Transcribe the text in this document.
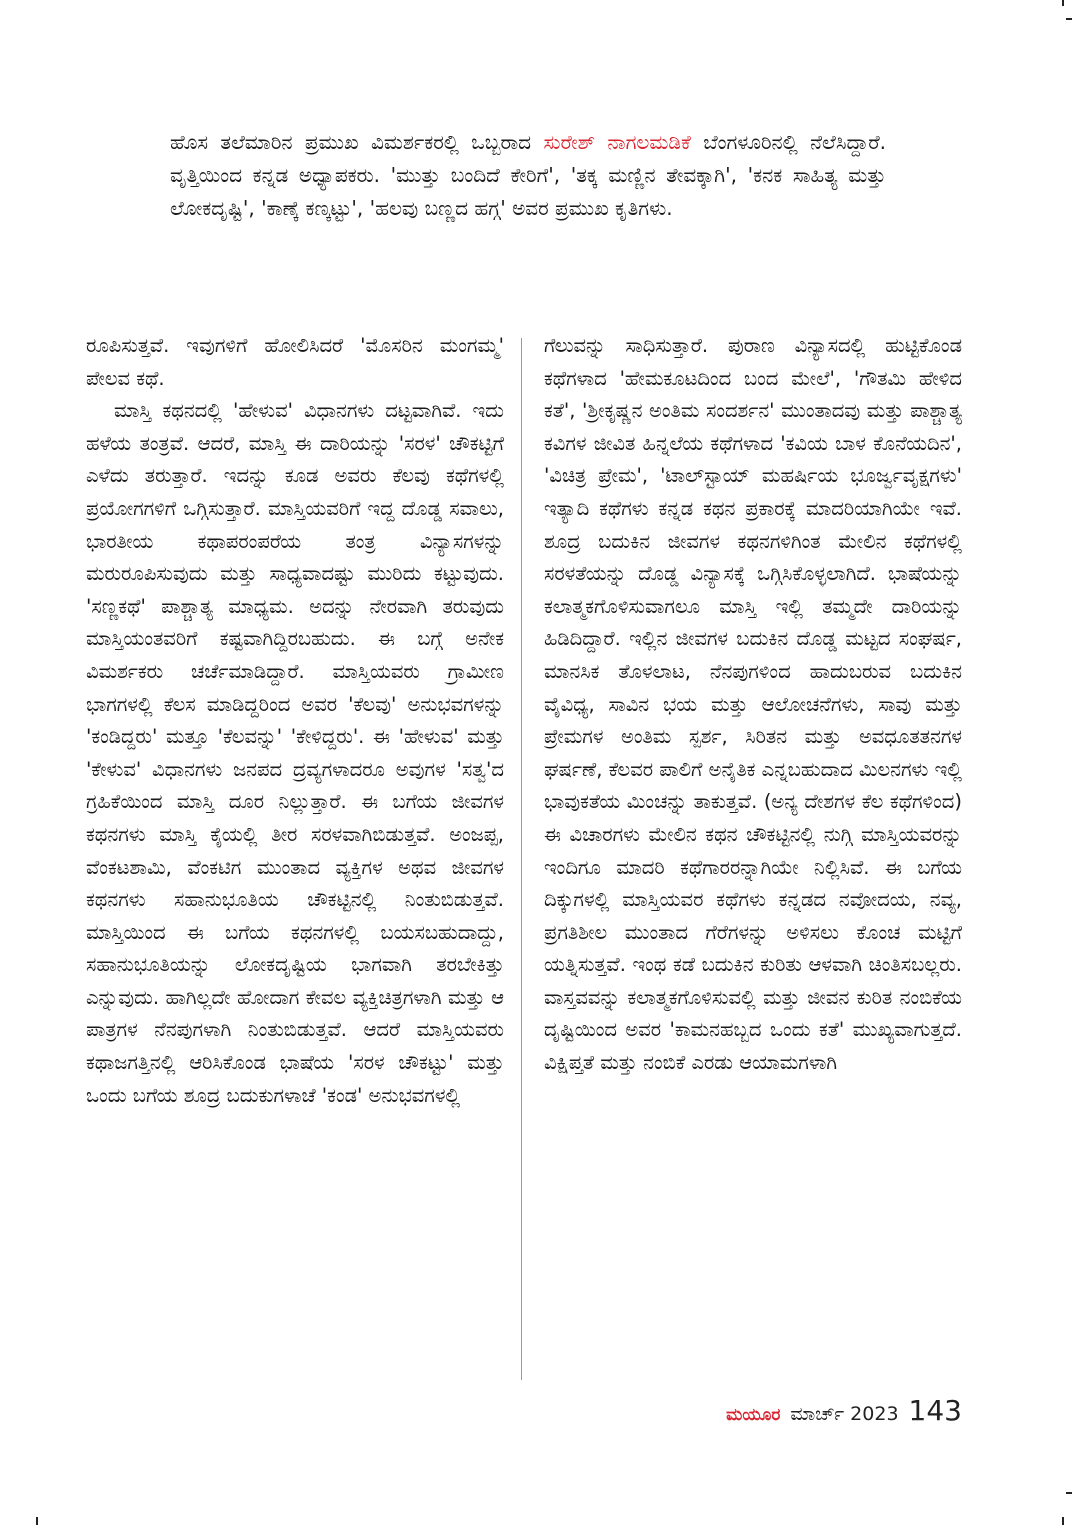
ಹೊಸ ತಲೆಮಾರಿನ ಪ್ರಮುಖ ವಿಮರ್ಶಕರಲ್ಲಿ ಒಬ್ಬರಾದ ಸುರೇಶ್ ನಾಗಲಮಡಿಕೆ ಬೆಂಗಳೂರಿನಲ್ಲಿ ನೆಲೆಸಿದ್ದಾರೆ. ವೃತ್ತಿಯಿಂದ ಕನ್ನಡ ಅಧ್ಯಾಪಕರು. 'ಮುತ್ತು ಬಂದಿದೆ ಕೇರಿಗೆ', 'ತಕ್ಕ ಮಣ್ಣಿನ ತೇವಕ್ಕಾಗಿ', 'ಕನಕ ಸಾಹಿತ್ಯ ಮತ್ತು ಲೋಕದೃಷ್ಟಿ', 'ಕಾಣ್ಕೆ ಕಣ್ಕಟ್ಟು', 'ಹಲವು ಬಣ್ಣದ ಹಗ್ಗ' ಅವರ ಪ್ರಮುಖ ಕೃತಿಗಳು.

ರೂಪಿಸುತ್ತವೆ. ಇವುಗಳಿಗೆ ಹೋಲಿಸಿದರೆ 'ಮೊಸರಿನ ಮಂಗಮ್ಮ' ಪೇಲವ ಕಥೆ.

ಮಾಸ್ತಿ ಕಥನದಲ್ಲಿ 'ಹೇಳುವ' ವಿಧಾನಗಳು ದಟ್ಟವಾಗಿವೆ. ಇದು ಹಳೆಯ ತಂತ್ರವೆ. ಆದರೆ, ಮಾಸ್ತಿ ಈ ದಾರಿಯನ್ನು 'ಸರಳ' ಚೌಕಟ್ಟಿಗೆ ಎಳೆದು ತರುತ್ತಾರೆ. ಇದನ್ನು ಕೂಡ ಅವರು ಕೆಲವು ಕಥೆಗಳಲ್ಲಿ ಪ್ರಯೋಗಗಳಿಗೆ ಒಗ್ಗಿಸುತ್ತಾರೆ. ಮಾಸ್ತಿಯವರಿಗೆ ಇದ್ದ ದೊಡ್ಡ ಸವಾಲು, ಭಾರತೀಯ ಕಥಾಪರಂಪರೆಯ ತಂತ್ರ ವಿನ್ಯಾಸಗಳನ್ನು ಮರುರೂಪಿಸುವುದು ಮತ್ತು ಸಾಧ್ಯವಾದಷ್ಟು ಮುರಿದು ಕಟ್ಟುವುದು. 'ಸಣ್ಣಕಥೆ' ಪಾಶ್ಚಾತ್ಯ ಮಾಧ್ಯಮ. ಅದನ್ನು ನೇರವಾಗಿ ತರುವುದು ಮಾಸ್ತಿಯಂತವರಿಗೆ ಕಷ್ಟವಾಗಿದ್ದಿರಬಹುದು. ಈ ಬಗ್ಗೆ ಅನೇಕ ವಿಮರ್ಶಕರು ಚರ್ಚೆಮಾಡಿದ್ದಾರೆ. ಮಾಸ್ತಿಯವರು ಗ್ರಾಮೀಣ ಭಾಗಗಳಲ್ಲಿ ಕೆಲಸ ಮಾಡಿದ್ದರಿಂದ ಅವರ 'ಕೆಲವು' ಅನುಭವಗಳನ್ನು 'ಕಂಡಿದ್ದರು' ಮತ್ತೂ 'ಕೆಲವನ್ನು' 'ಕೇಳಿದ್ದರು'. ಈ 'ಹೇಳುವ' ಮತ್ತು 'ಕೇಳುವ' ವಿಧಾನಗಳು ಜನಪದ ದ್ರವ್ಯಗಳಾದರೂ ಅವುಗಳ 'ಸತ್ವ'ದ ಗ್ರಹಿಕೆಯಿಂದ ಮಾಸ್ತಿ ದೂರ ನಿಲ್ಲುತ್ತಾರೆ. ಈ ಬಗೆಯ ಜೀವಗಳ ಕಥನಗಳು ಮಾಸ್ತಿ ಕೈಯಲ್ಲಿ ತೀರ ಸರಳವಾಗಿಬಿಡುತ್ತವೆ. ಅಂಜಪ್ಪ, ವೆಂಕಟಶಾಮಿ, ವೆಂಕಟಿಗ ಮುಂತಾದ ವ್ಯಕ್ತಿಗಳ ಅಥವ ಜೀವಗಳ ಕಥನಗಳು ಸಹಾನುಭೂತಿಯ ಚೌಕಟ್ಟಿನಲ್ಲಿ ನಿಂತುಬಿಡುತ್ತವೆ. ಮಾಸ್ತಿಯಿಂದ ಈ ಬಗೆಯ ಕಥನಗಳಲ್ಲಿ ಬಯಸಬಹುದಾದ್ದು, ಸಹಾನುಭೂತಿಯನ್ನು ಲೋಕದೃಷ್ಟಿಯ ಭಾಗವಾಗಿ ತರಬೇಕಿತ್ತು ಎನ್ನುವುದು. ಹಾಗಿಲ್ಲದೇ ಹೋದಾಗ ಕೇವಲ ವ್ಯಕ್ತಿಚಿತ್ರಗಳಾಗಿ ಮತ್ತು ಆ ಪಾತ್ರಗಳ ನೆನಪುಗಳಾಗಿ ನಿಂತುಬಿಡುತ್ತವೆ. ಆದರೆ ಮಾಸ್ತಿಯವರು ಕಥಾಜಗತ್ತಿನಲ್ಲಿ ಆರಿಸಿಕೊಂಡ ಭಾಷೆಯ 'ಸರಳ ಚೌಕಟ್ಟು' ಮತ್ತು ಒಂದು ಬಗೆಯ ಶೂದ್ರ ಬದುಕುಗಳಾಚೆ 'ಕಂಡ' ಅನುಭವಗಳಲ್ಲಿ

ಗೆಲುವನ್ನು ಸಾಧಿಸುತ್ತಾರೆ. ಪುರಾಣ ವಿನ್ಯಾಸದಲ್ಲಿ ಹುಟ್ಟಿಕೊಂಡ ಕಥೆಗಳಾದ 'ಹೇಮಕೂಟದಿಂದ ಬಂದ ಮೇಲೆ', 'ಗೌತಮಿ ಹೇಳಿದ ಕತೆ', 'ಶ್ರೀಕೃಷ್ಣನ ಅಂತಿಮ ಸಂದರ್ಶನ' ಮುಂತಾದವು ಮತ್ತು ಪಾಶ್ಚಾತ್ಯ ಕವಿಗಳ ಜೀವಿತ ಹಿನ್ನಲೆಯ ಕಥೆಗಳಾದ 'ಕವಿಯ ಬಾಳ ಕೊನೆಯದಿನ', 'ವಿಚಿತ್ರ ಪ್ರೇಮ', 'ಟಾಲ್‌ಸ್ಟಾಯ್ ಮಹರ್ಷಿಯ ಭೂರ್ಜ್ವವೃಕ್ಷಗಳು' ಇತ್ಯಾದಿ ಕಥೆಗಳು ಕನ್ನಡ ಕಥನ ಪ್ರಕಾರಕ್ಕೆ ಮಾದರಿಯಾಗಿಯೇ ಇವೆ. ಶೂದ್ರ ಬದುಕಿನ ಜೀವಗಳ ಕಥನಗಳಿಗಿಂತ ಮೇಲಿನ ಕಥೆಗಳಲ್ಲಿ ಸರಳತೆಯನ್ನು ದೊಡ್ಡ ವಿನ್ಯಾಸಕ್ಕೆ ಒಗ್ಗಿಸಿಕೊಳ್ಳಲಾಗಿದೆ. ಭಾಷೆಯನ್ನು ಕಲಾತ್ಮಕಗೊಳಿಸುವಾಗಲೂ ಮಾಸ್ತಿ ಇಲ್ಲಿ ತಮ್ಮದೇ ದಾರಿಯನ್ನು ಹಿಡಿದಿದ್ದಾರೆ. ಇಲ್ಲಿನ ಜೀವಗಳ ಬದುಕಿನ ದೊಡ್ಡ ಮಟ್ಟದ ಸಂಘರ್ಷ, ಮಾನಸಿಕ ತೊಳಲಾಟ, ನೆನಪುಗಳಿಂದ ಹಾದುಬರುವ ಬದುಕಿನ ವೈವಿಧ್ಯ, ಸಾವಿನ ಭಯ ಮತ್ತು ಆಲೋಚನೆಗಳು, ಸಾವು ಮತ್ತು ಪ್ರೇಮಗಳ ಅಂತಿಮ ಸ್ಪರ್ಶ, ಸಿರಿತನ ಮತ್ತು ಅವಧೂತತನಗಳ ಘರ್ಷಣೆ, ಕೆಲವರ ಪಾಲಿಗೆ ಅನೈತಿಕ ಎನ್ನಬಹುದಾದ ಮಿಲನಗಳು ಇಲ್ಲಿ ಭಾವುಕತೆಯ ಮಿಂಚನ್ನು ತಾಕುತ್ತವೆ. (ಅನ್ಯ ದೇಶಗಳ ಕೆಲ ಕಥೆಗಳಿಂದ) ಈ ವಿಚಾರಗಳು ಮೇಲಿನ ಕಥನ ಚೌಕಟ್ಟಿನಲ್ಲಿ ನುಗ್ಗಿ ಮಾಸ್ತಿಯವರನ್ನು ಇಂದಿಗೂ ಮಾದರಿ ಕಥೆಗಾರರನ್ನಾಗಿಯೇ ನಿಲ್ಲಿಸಿವೆ. ಈ ಬಗೆಯ ದಿಕ್ಕುಗಳಲ್ಲಿ ಮಾಸ್ತಿಯವರ ಕಥೆಗಳು ಕನ್ನಡದ ನವೋದಯ, ನವ್ಯ, ಪ್ರಗತಿಶೀಲ ಮುಂತಾದ ಗೆರೆಗಳನ್ನು ಅಳಿಸಲು ಕೊಂಚ ಮಟ್ಟಿಗೆ ಯತ್ನಿಸುತ್ತವೆ. ಇಂಥ ಕಡೆ ಬದುಕಿನ ಕುರಿತು ಆಳವಾಗಿ ಚಿಂತಿಸಬಲ್ಲರು. ವಾಸ್ತವವನ್ನು ಕಲಾತ್ಮಕಗೊಳಿಸುವಲ್ಲಿ ಮತ್ತು ಜೀವನ ಕುರಿತ ನಂಬಿಕೆಯ ದೃಷ್ಟಿಯಿಂದ ಅವರ 'ಕಾಮನಹಬ್ಬದ ಒಂದು ಕತೆ' ಮುಖ್ಯವಾಗುತ್ತದೆ. ವಿಕ್ಷಿಪ್ತತೆ ಮತ್ತು ನಂಬಿಕೆ ಎರಡು ಆಯಾಮಗಳಾಗಿ

ಮಯೂರ ಮಾರ್ಚ್ 2023 143
